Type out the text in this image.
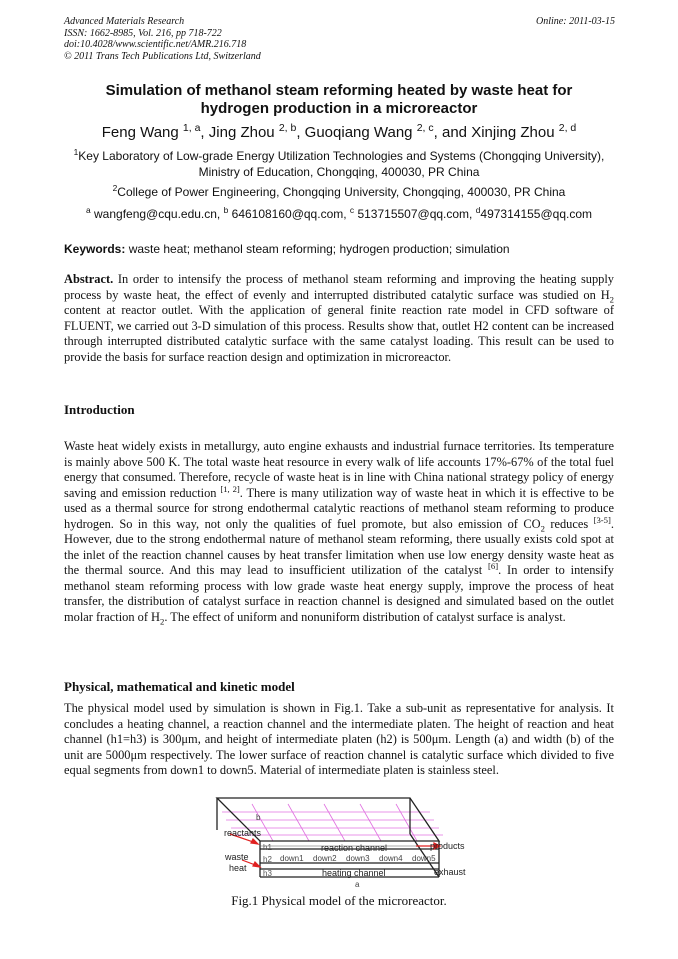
Advanced Materials Research
ISSN: 1662-8985, Vol. 216, pp 718-722
doi:10.4028/www.scientific.net/AMR.216.718
© 2011 Trans Tech Publications Ltd, Switzerland
Online: 2011-03-15
Simulation of methanol steam reforming heated by waste heat for
hydrogen production in a microreactor
Feng Wang $^{1, a}$, Jing Zhou $^{2, b}$, Guoqiang Wang $^{2, c}$, and Xinjing Zhou $^{2, d}$
$^1$Key Laboratory of Low-grade Energy Utilization Technologies and Systems (Chongqing University),
Ministry of Education, Chongqing, 400030, PR China
$^2$College of Power Engineering, Chongqing University, Chongqing, 400030, PR China
$^a$ wangfeng@cqu.edu.cn, $^b$ 646108160@qq.com, $^c$ 513715507@qq.com, $^d$497314155@qq.com
Keywords: waste heat; methanol steam reforming; hydrogen production; simulation
Abstract. In order to intensify the process of methanol steam reforming and improving the heating supply process by waste heat, the effect of evenly and interrupted distributed catalytic surface was studied on $H_2$ content at reactor outlet. With the application of general finite reaction rate model in CFD software of FLUENT, we carried out 3-D simulation of this process. Results show that, outlet H2 content can be increased through interrupted distributed catalytic surface with the same catalyst loading. This result can be used to provide the basis for surface reaction design and optimization in microreactor.
Introduction
Waste heat widely exists in metallurgy, auto engine exhausts and industrial furnace territories. Its temperature is mainly above 500 K. The total waste heat resource in every walk of life accounts 17%-67% of the total fuel energy that consumed. Therefore, recycle of waste heat is in line with China national strategy policy of energy saving and emission reduction [1, 2]. There is many utilization way of waste heat in which it is effective to be used as a thermal source for strong endothermal catalytic reactions of methanol steam reforming to produce hydrogen. So in this way, not only the qualities of fuel promote, but also emission of $CO_2$ reduces [3-5]. However, due to the strong endothermal nature of methanol steam reforming, there usually exists cold spot at the inlet of the reaction channel causes by heat transfer limitation when use low energy density waste heat as the thermal source. And this may lead to insufficient utilization of the catalyst [6]. In order to intensify methanol steam reforming process with low grade waste heat energy supply, improve the process of heat transfer, the distribution of catalyst surface in reaction channel is designed and simulated based on the outlet molar fraction of $H_2$. The effect of uniform and nonuniform distribution of catalyst surface is analyst.
Physical, mathematical and kinetic model
The physical model used by simulation is shown in Fig.1. Take a sub-unit as representative for analysis. It concludes a heating channel, a reaction channel and the intermediate platen. The height of reaction and heat channel (h1=h3) is 300μm, and height of intermediate platen (h2) is 500μm. Length (a) and width (b) of the unit are 5000μm respectively. The lower surface of reaction channel is catalytic surface which divided to five equal segments from down1 to down5. Material of intermediate platen is stainless steel.
b
reactants
waste
heat
h1
h2
h3
reaction channel
heating channel
products
exhaust
a
down1 down2 down3 down4 down5
Fig.1 Physical model of the microreactor.
